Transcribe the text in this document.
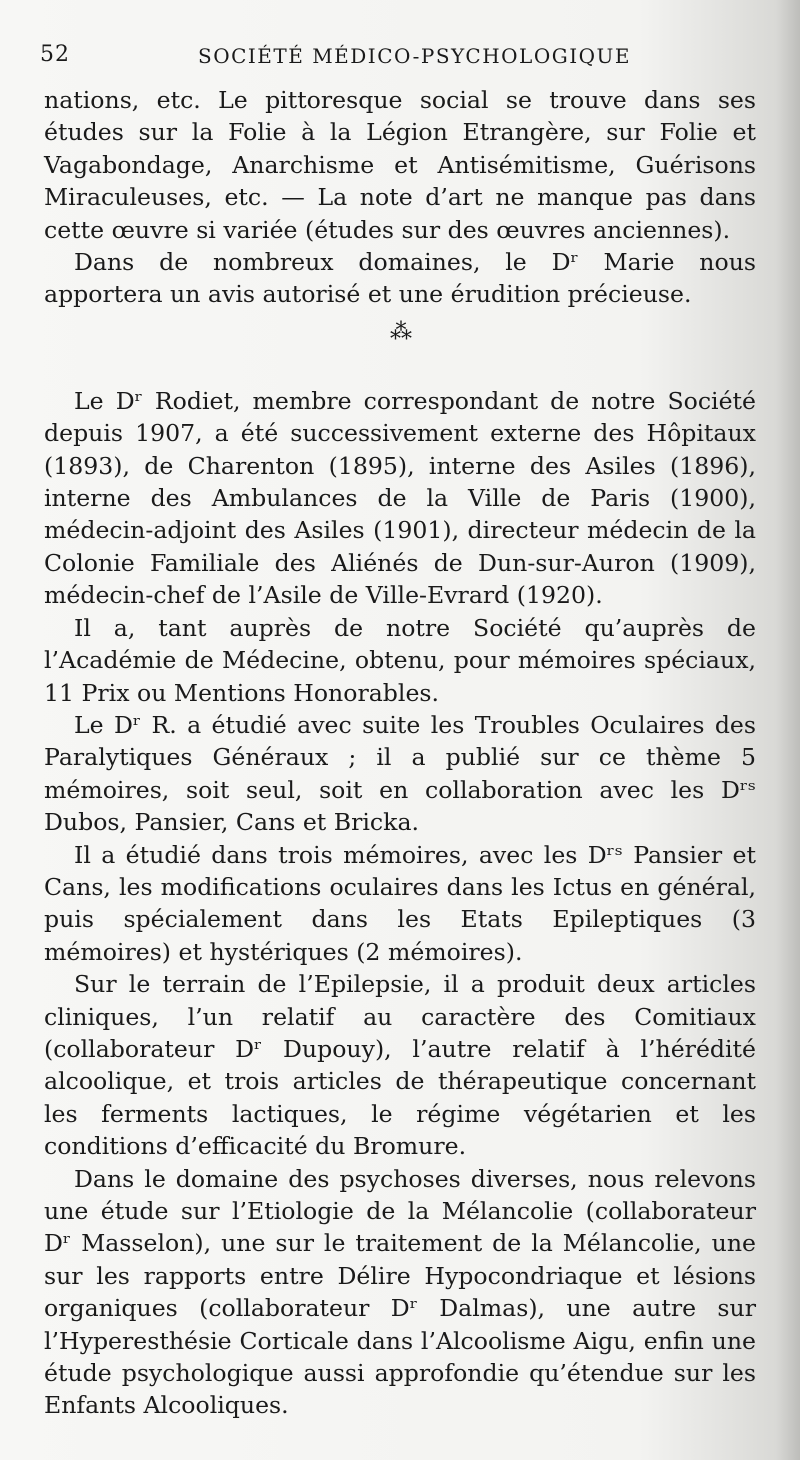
52	SOCIÉTÉ MÉDICO-PSYCHOLOGIQUE

nations, etc. Le pittoresque social se trouve dans ses études sur la Folie à la Légion Etrangère, sur Folie et Vagabondage, Anarchisme et Antisémitisme, Guérisons Miraculeuses, etc. — La note d’art ne manque pas dans cette œuvre si variée (études sur des œuvres anciennes).

Dans de nombreux domaines, le Dʳ Marie nous apportera un avis autorisé et une érudition précieuse.

⁂

Le Dʳ Rodiet, membre correspondant de notre Société depuis 1907, a été successivement externe des Hôpitaux (1893), de Charenton (1895), interne des Asiles (1896), interne des Ambulances de la Ville de Paris (1900), médecin-adjoint des Asiles (1901), directeur médecin de la Colonie Familiale des Aliénés de Dun-sur-Auron (1909), médecin-chef de l’Asile de Ville-Evrard (1920).

Il a, tant auprès de notre Société qu’auprès de l’Académie de Médecine, obtenu, pour mémoires spéciaux, 11 Prix ou Mentions Honorables.

Le Dʳ R. a étudié avec suite les Troubles Oculaires des Paralytiques Généraux ; il a publié sur ce thème 5 mémoires, soit seul, soit en collaboration avec les Dʳˢ Dubos, Pansier, Cans et Bricka.

Il a étudié dans trois mémoires, avec les Dʳˢ Pansier et Cans, les modifications oculaires dans les Ictus en général, puis spécialement dans les Etats Epileptiques (3 mémoires) et hystériques (2 mémoires).

Sur le terrain de l’Epilepsie, il a produit deux articles cliniques, l’un relatif au caractère des Comitiaux (collaborateur Dʳ Dupouy), l’autre relatif à l’hérédité alcoolique, et trois articles de thérapeutique concernant les ferments lactiques, le régime végétarien et les conditions d’efficacité du Bromure.

Dans le domaine des psychoses diverses, nous relevons une étude sur l’Etiologie de la Mélancolie (collaborateur Dʳ Masselon), une sur le traitement de la Mélancolie, une sur les rapports entre Délire Hypocondriaque et lésions organiques (collaborateur Dʳ Dalmas), une autre sur l’Hyperesthésie Corticale dans l’Alcoolisme Aigu, enfin une étude psychologique aussi approfondie qu’étendue sur les Enfants Alcooliques.
